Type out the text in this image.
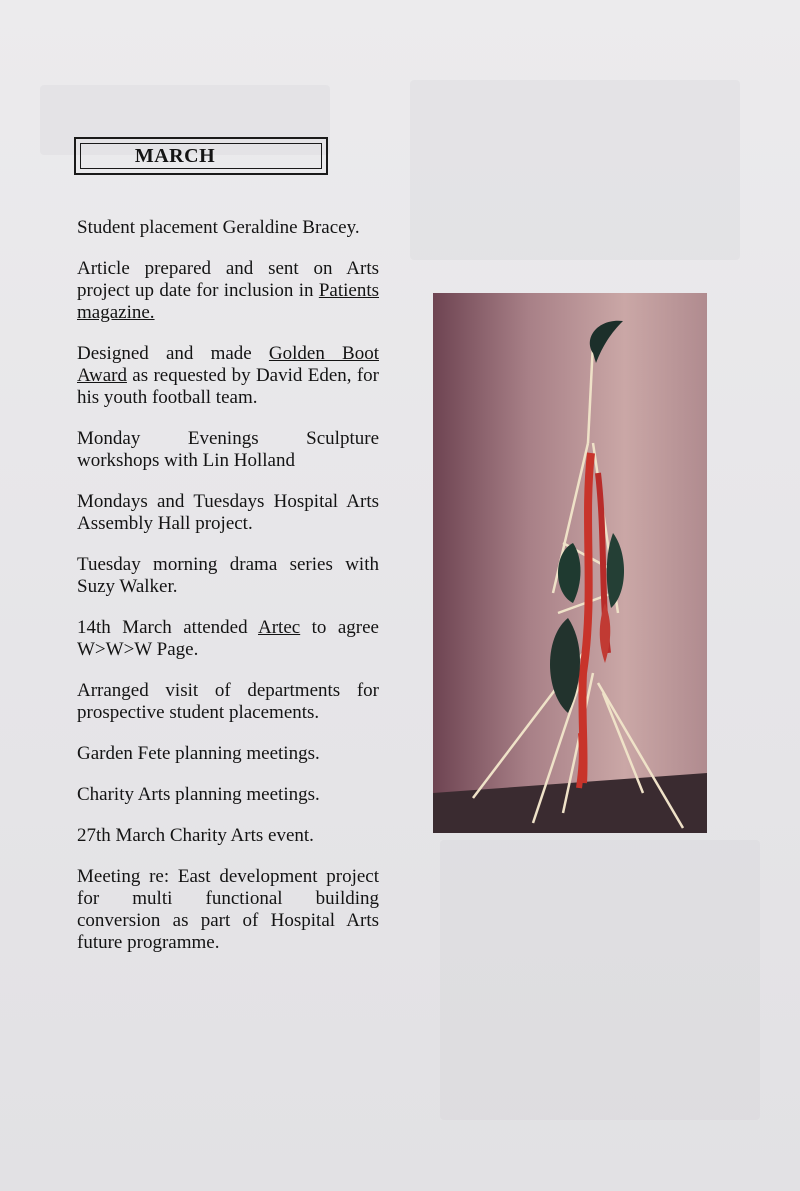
MARCH

Student placement Geraldine Bracey.

Article prepared and sent on Arts project up date for inclusion in Patients magazine.

Designed and made Golden Boot Award as requested by David Eden, for his youth football team.

Monday Evenings Sculpture workshops with Lin Holland

Mondays and Tuesdays Hospital Arts Assembly Hall project.

Tuesday morning drama series with Suzy Walker.

14th March attended Artec to agree W>W>W Page.

Arranged visit of departments for prospective student placements.

Garden Fete planning meetings.

Charity Arts planning meetings.

27th March Charity Arts event.

Meeting re: East development project for multi functional building conversion as part of Hospital Arts future programme.
